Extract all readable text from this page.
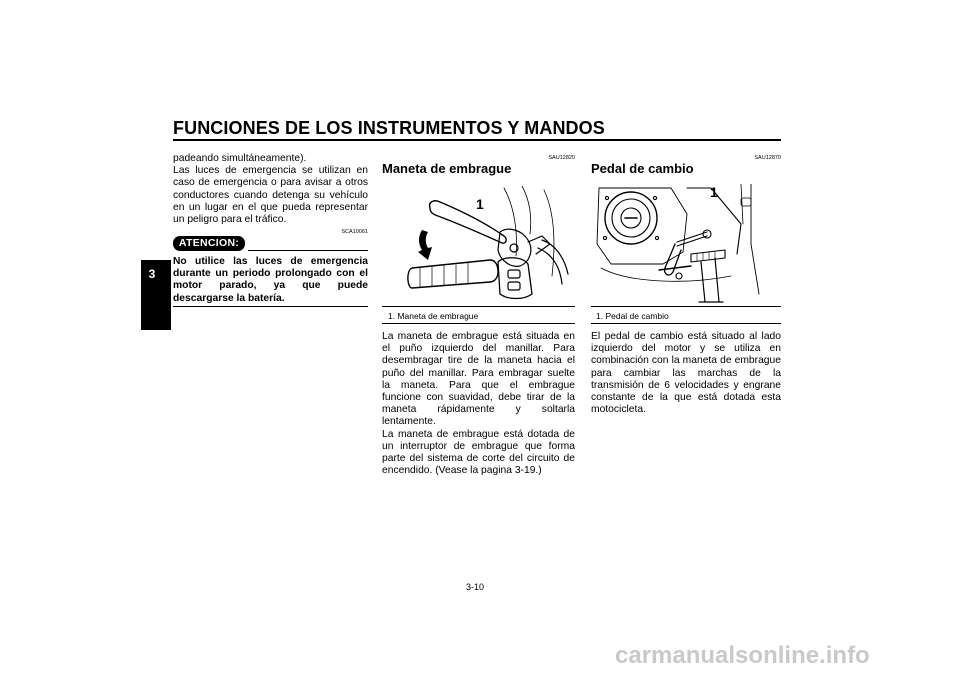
FUNCIONES DE LOS INSTRUMENTOS Y MANDOS
3
padeando simultáneamente).
Las luces de emergencia se utilizan en caso de emergencia o para avisar a otros conductores cuando detenga su vehículo en un lugar en el que pueda representar un peligro para el tráfico.
SCA10061
ATENCION:
No utilice las luces de emergencia durante un periodo prolongado con el motor parado, ya que puede descargarse la batería.
SAU12820
Maneta de embrague
1
1. Maneta de embrague
La maneta de embrague está situada en el puño izquierdo del manillar. Para desembragar tire de la maneta hacia el puño del manillar. Para embragar suelte la maneta. Para que el embrague funcione con suavidad, debe tirar de la maneta rápidamente y soltarla lentamente.
La maneta de embrague está dotada de un interruptor de embrague que forma parte del sistema de corte del circuito de encendido. (Vease la pagina 3-19.)
SAU12870
Pedal de cambio
1
1. Pedal de cambio
El pedal de cambio está situado al lado izquierdo del motor y se utiliza en combinación con la maneta de embrague para cambiar las marchas de la transmisión de 6 velocidades y engrane constante de la que está dotada esta motocicleta.
3-10
carmanualsonline.info
